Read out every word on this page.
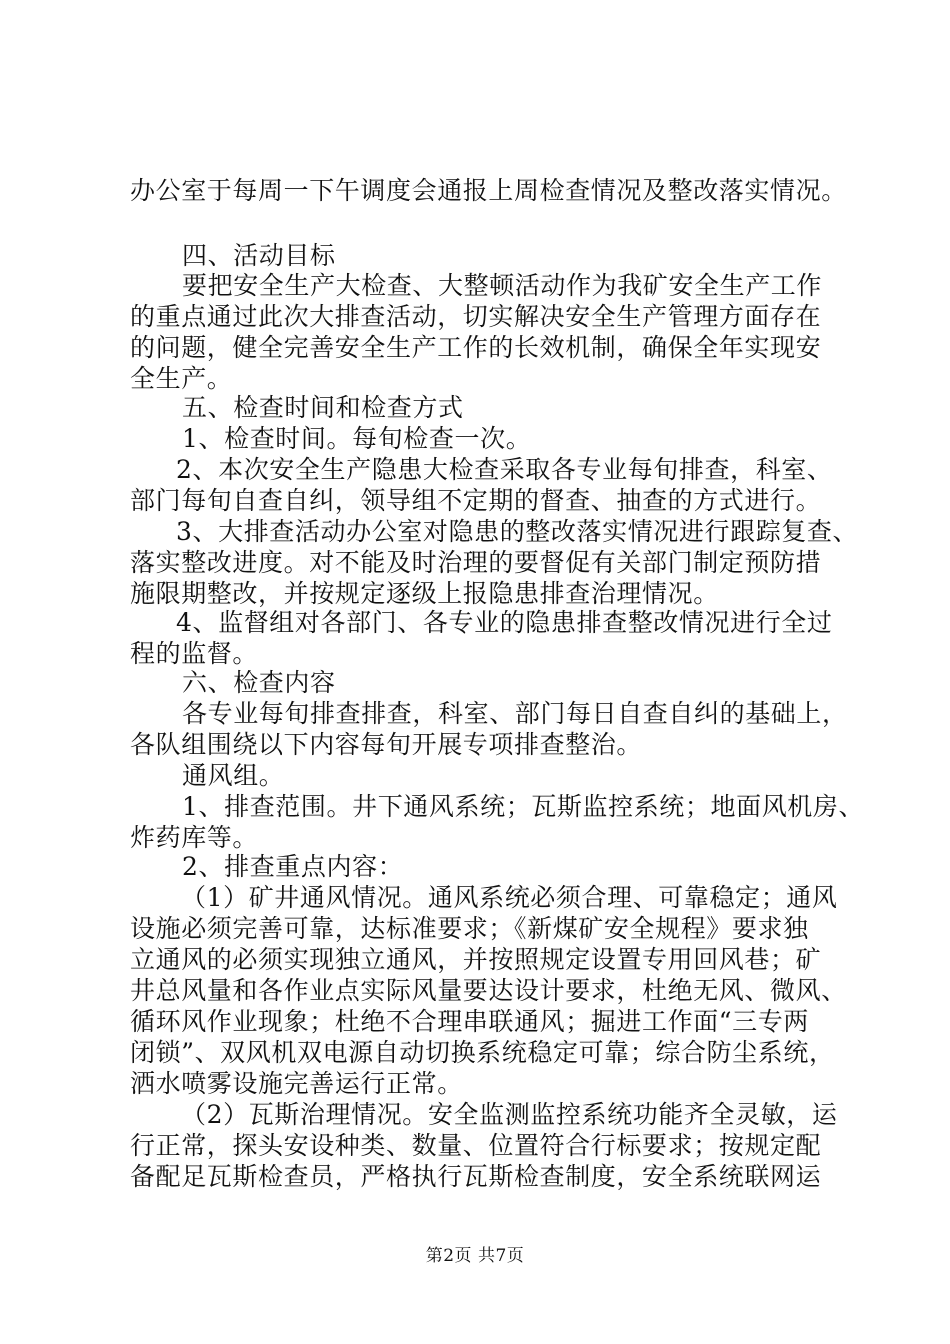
办公室于每周一下午调度会通报上周检查情况及整改落实情况。
四、活动目标
要把安全生产大检查、大整顿活动作为我矿安全生产工作
的重点通过此次大排查活动，切实解决安全生产管理方面存在
的问题，健全完善安全生产工作的长效机制，确保全年实现安
全生产。
五、检查时间和检查方式
1、检查时间。每旬检查一次。
2、本次安全生产隐患大检查采取各专业每旬排查，科室、
部门每旬自查自纠，领导组不定期的督查、抽查的方式进行。
3、大排查活动办公室对隐患的整改落实情况进行跟踪复查、
落实整改进度。对不能及时治理的要督促有关部门制定预防措
施限期整改，并按规定逐级上报隐患排查治理情况。
4、监督组对各部门、各专业的隐患排查整改情况进行全过
程的监督。
六、检查内容
各专业每旬排查排查，科室、部门每日自查自纠的基础上，
各队组围绕以下内容每旬开展专项排查整治。
通风组。
1、排查范围。井下通风系统；瓦斯监控系统；地面风机房、
炸药库等。
2、排查重点内容：
（1）矿井通风情况。通风系统必须合理、可靠稳定；通风
设施必须完善可靠，达标准要求；《新煤矿安全规程》要求独
立通风的必须实现独立通风，并按照规定设置专用回风巷；矿
井总风量和各作业点实际风量要达设计要求，杜绝无风、微风、
循环风作业现象；杜绝不合理串联通风；掘进工作面“三专两
闭锁”、双风机双电源自动切换系统稳定可靠；综合防尘系统，
洒水喷雾设施完善运行正常。
（2）瓦斯治理情况。安全监测监控系统功能齐全灵敏，运
行正常，探头安设种类、数量、位置符合行标要求；按规定配
备配足瓦斯检查员，严格执行瓦斯检查制度，安全系统联网运
第2页 共7页
